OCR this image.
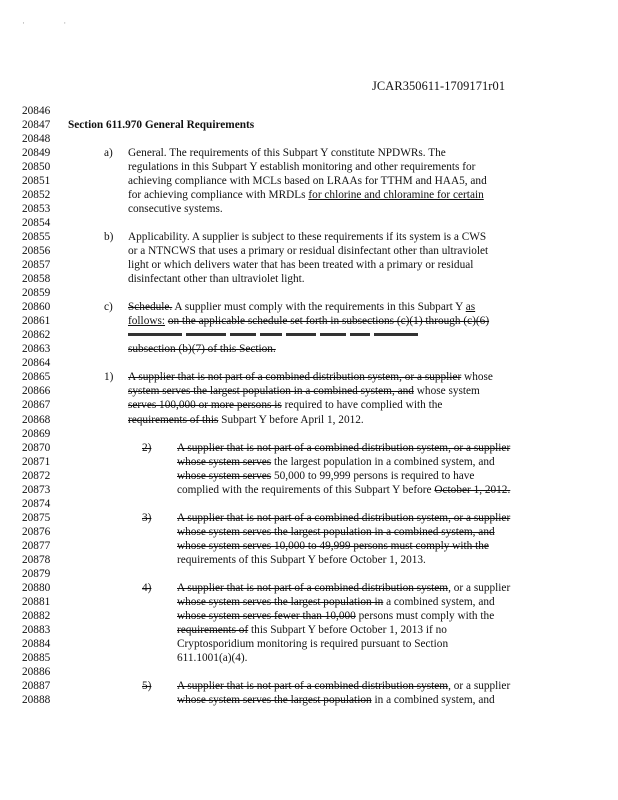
· ·
JCAR350611-1709171r01
20846
20847 Section 611.970 General Requirements
20848
20849	a) General. The requirements of this Subpart Y constitute NPDWRs. The
20850	regulations in this Subpart Y establish monitoring and other requirements for
20851	achieving compliance with MCLs based on LRAAs for TTHM and HAA5, and
20852	for achieving compliance with MRDLs for chlorine and chloramine for certain
20853	consecutive systems.
20854
20855	b) Applicability. A supplier is subject to these requirements if its system is a CWS
20856	or a NTNCWS that uses a primary or residual disinfectant other than ultraviolet
20857	light or which delivers water that has been treated with a primary or residual
20858	disinfectant other than ultraviolet light.
20859
20860	c) Schedule. A supplier must comply with the requirements in this Subpart Y as
20861	follows: on the applicable schedule set forth in subsections (c)(1) through (c)(6)
20862
20863	subsection (b)(7) of this Section.
20864
20865	1) A supplier that is not part of a combined distribution system, or a supplier whose
20866	system serves the largest population in a combined system, and whose system
20867	serves 100,000 or more persons is required to have complied with the
20868	requirements of this Subpart Y before April 1, 2012.
20869
20870	2) A supplier that is not part of a combined distribution system, or a supplier
20871	whose system serves the largest population in a combined system, and
20872	whose system serves 50,000 to 99,999 persons is required to have
20873	complied with the requirements of this Subpart Y before October 1, 2012.
20874
20875	3) A supplier that is not part of a combined distribution system, or a supplier
20876	whose system serves the largest population in a combined system, and
20877	whose system serves 10,000 to 49,999 persons must comply with the
20878	requirements of this Subpart Y before October 1, 2013.
20879
20880	4) A supplier that is not part of a combined distribution system, or a supplier
20881	whose system serves the largest population in a combined system, and
20882	whose system serves fewer than 10,000 persons must comply with the
20883	requirements of this Subpart Y before October 1, 2013 if no
20884	Cryptosporidium monitoring is required pursuant to Section
20885	611.1001(a)(4).
20886
20887	5) A supplier that is not part of a combined distribution system, or a supplier
20888	whose system serves the largest population in a combined system, and
